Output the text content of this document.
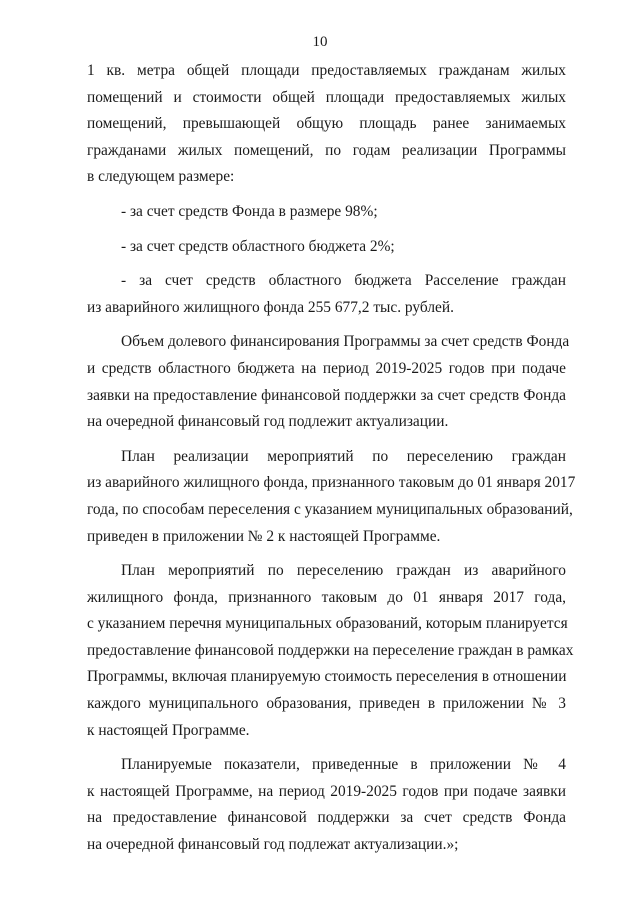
10

1 кв. метра общей площади предоставляемых гражданам жилых
помещений и стоимости общей площади предоставляемых жилых
помещений, превышающей общую площадь ранее занимаемых
гражданами жилых помещений, по годам реализации Программы
в следующем размере:

- за счет средств Фонда в размере 98%;

- за счет средств областного бюджета 2%;

- за счет средств областного бюджета Расселение граждан
из аварийного жилищного фонда 255 677,2 тыс. рублей.

Объем долевого финансирования Программы за счет средств Фонда
и средств областного бюджета на период 2019-2025 годов при подаче
заявки на предоставление финансовой поддержки за счет средств Фонда
на очередной финансовый год подлежит актуализации.

План реализации мероприятий по переселению граждан
из аварийного жилищного фонда, признанного таковым до 01 января 2017
года, по способам переселения с указанием муниципальных образований,
приведен в приложении № 2 к настоящей Программе.

План мероприятий по переселению граждан из аварийного
жилищного фонда, признанного таковым до 01 января 2017 года,
с указанием перечня муниципальных образований, которым планируется
предоставление финансовой поддержки на переселение граждан в рамках
Программы, включая планируемую стоимость переселения в отношении
каждого муниципального образования, приведен в приложении № 3
к настоящей Программе.

Планируемые показатели, приведенные в приложении № 4
к настоящей Программе, на период 2019-2025 годов при подаче заявки
на предоставление финансовой поддержки за счет средств Фонда
на очередной финансовый год подлежат актуализации.»;
